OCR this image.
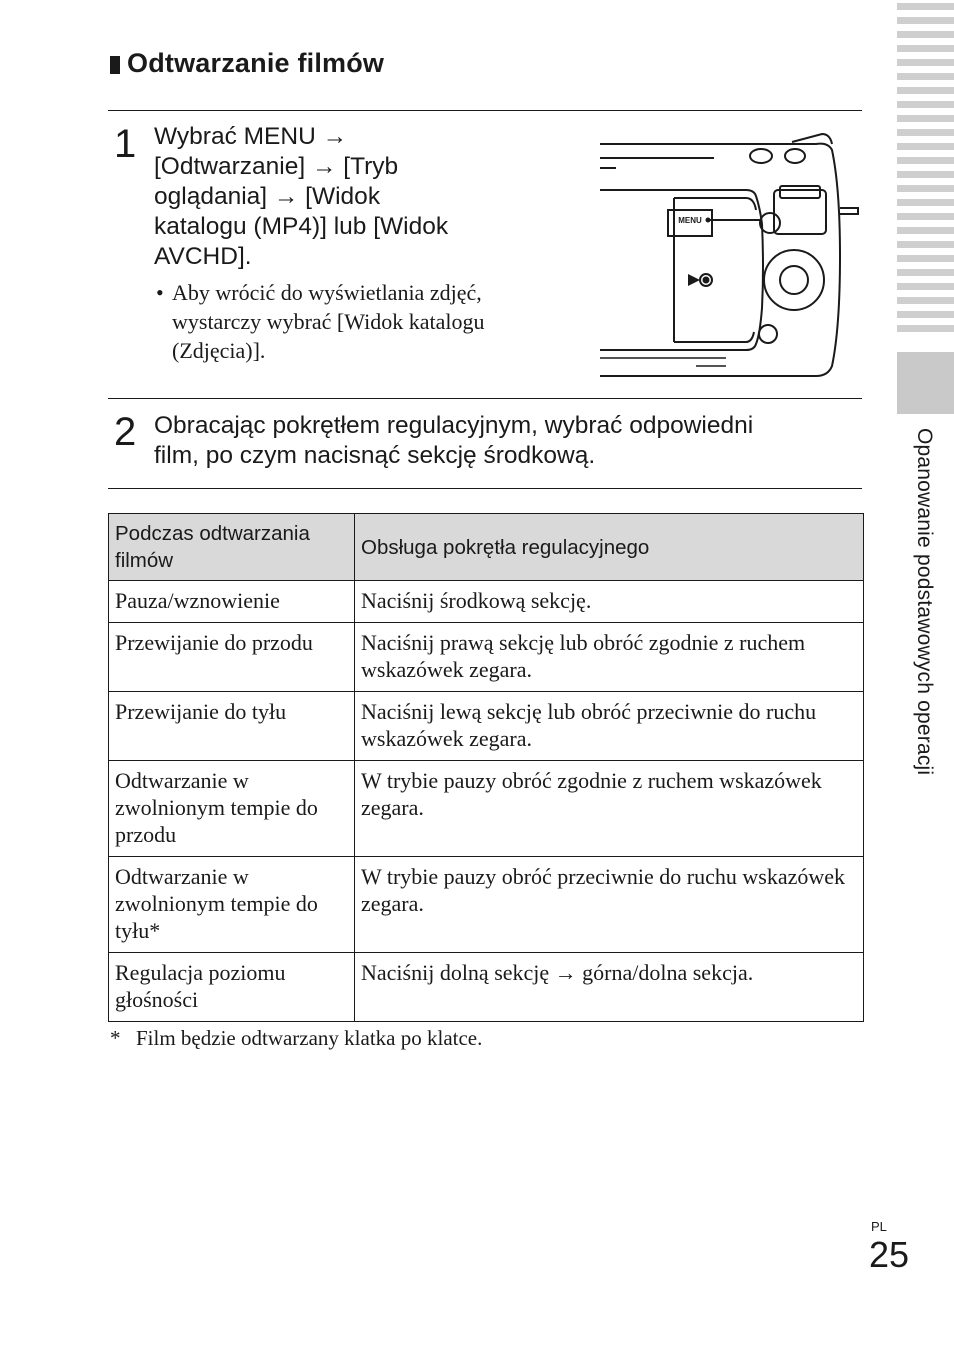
Odtwarzanie filmów
1 Wybrać MENU →
[Odtwarzanie] → [Tryb
oglądania] → [Widok
katalogu (MP4)] lub [Widok
AVCHD].
• Aby wrócić do wyświetlania zdjęć, wystarczy wybrać [Widok katalogu (Zdjęcia)].
MENU
2 Obracając pokrętłem regulacyjnym, wybrać odpowiedni
film, po czym nacisnąć sekcję środkową.
Podczas odtwarzania filmów	Obsługa pokrętła regulacyjnego
Pauza/wznowienie	Naciśnij środkową sekcję.
Przewijanie do przodu	Naciśnij prawą sekcję lub obróć zgodnie z ruchem wskazówek zegara.
Przewijanie do tyłu	Naciśnij lewą sekcję lub obróć przeciwnie do ruchu wskazówek zegara.
Odtwarzanie w zwolnionym tempie do przodu	W trybie pauzy obróć zgodnie z ruchem wskazówek zegara.
Odtwarzanie w zwolnionym tempie do tyłu*	W trybie pauzy obróć przeciwnie do ruchu wskazówek zegara.
Regulacja poziomu głośności	Naciśnij dolną sekcję → górna/dolna sekcja.
* Film będzie odtwarzany klatka po klatce.
Opanowanie podstawowych operacji
PL
25
